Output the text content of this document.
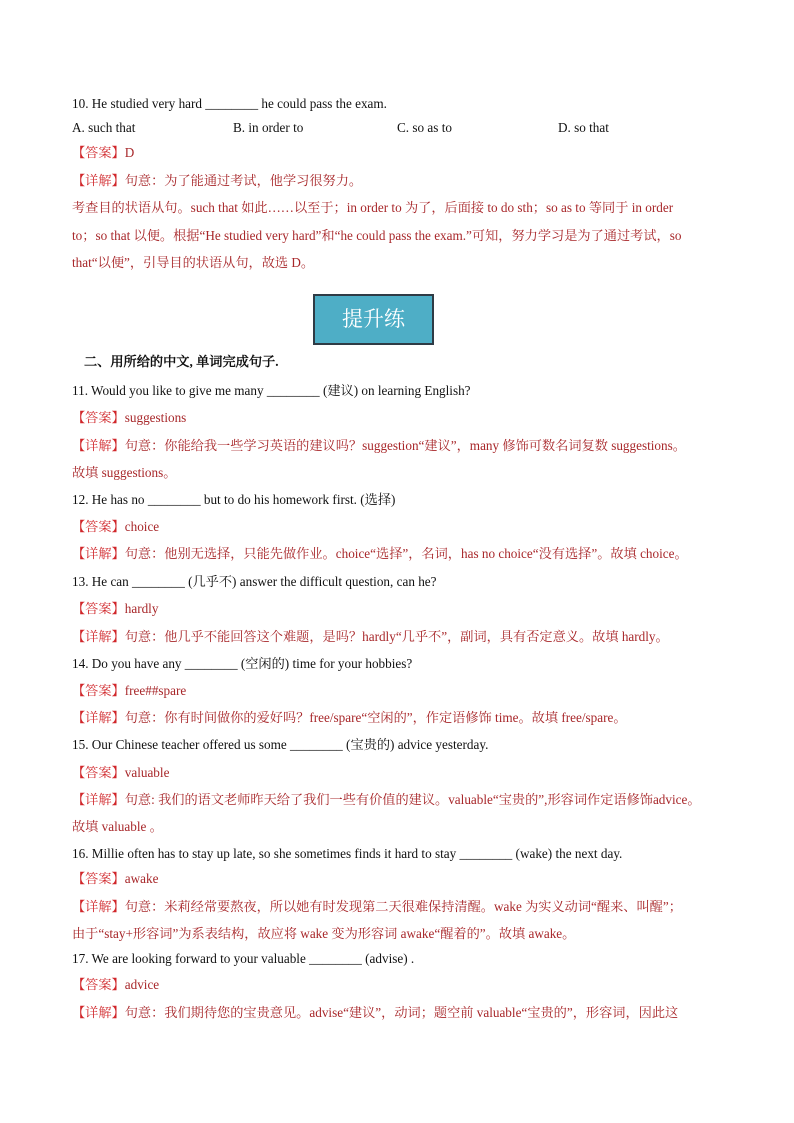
10. He studied very hard ________ he could pass the exam.
A. such that	B. in order to	C. so as to	D. so that
【答案】D
【详解】句意：为了能通过考试，他学习很努力。
考查目的状语从句。such that 如此……以至于；in order to 为了，后面接 to do sth；so as to 等同于 in order
to；so that 以便。根据“He studied very hard”和“he could pass the exam.”可知，努力学习是为了通过考试，so
that“以便”，引导目的状语从句，故选 D。
提升练
二、用所给的中文, 单词完成句子.
11. Would you like to give me many ________ (建议) on learning English?
【答案】suggestions
【详解】句意：你能给我一些学习英语的建议吗？suggestion“建议”，many 修饰可数名词复数 suggestions。
故填 suggestions。
12. He has no ________ but to do his homework first. (选择)
【答案】choice
【详解】句意：他别无选择，只能先做作业。choice“选择”，名词，has no choice“没有选择”。故填 choice。
13. He can ________ (几乎不) answer the difficult question, can he?
【答案】hardly
【详解】句意：他几乎不能回答这个难题，是吗？hardly“几乎不”，副词，具有否定意义。故填 hardly。
14. Do you have any ________ (空闲的) time for your hobbies?
【答案】free##spare
【详解】句意：你有时间做你的爱好吗？free/spare“空闲的”，作定语修饰 time。故填 free/spare。
15. Our Chinese teacher offered us some ________ (宝贵的) advice yesterday.
【答案】valuable
【详解】句意: 我们的语文老师昨天给了我们一些有价值的建议。valuable“宝贵的”,形容词作定语修饰advice。
故填 valuable 。
16. Millie often has to stay up late, so she sometimes finds it hard to stay ________ (wake) the next day.
【答案】awake
【详解】句意：米莉经常要熬夜，所以她有时发现第二天很难保持清醒。wake 为实义动词“醒来、叫醒”；
由于“stay+形容词”为系表结构，故应将 wake 变为形容词 awake“醒着的”。故填 awake。
17. We are looking forward to your valuable ________ (advise) .
【答案】advice
【详解】句意：我们期待您的宝贵意见。advise“建议”，动词；题空前 valuable“宝贵的”，形容词，因此这
